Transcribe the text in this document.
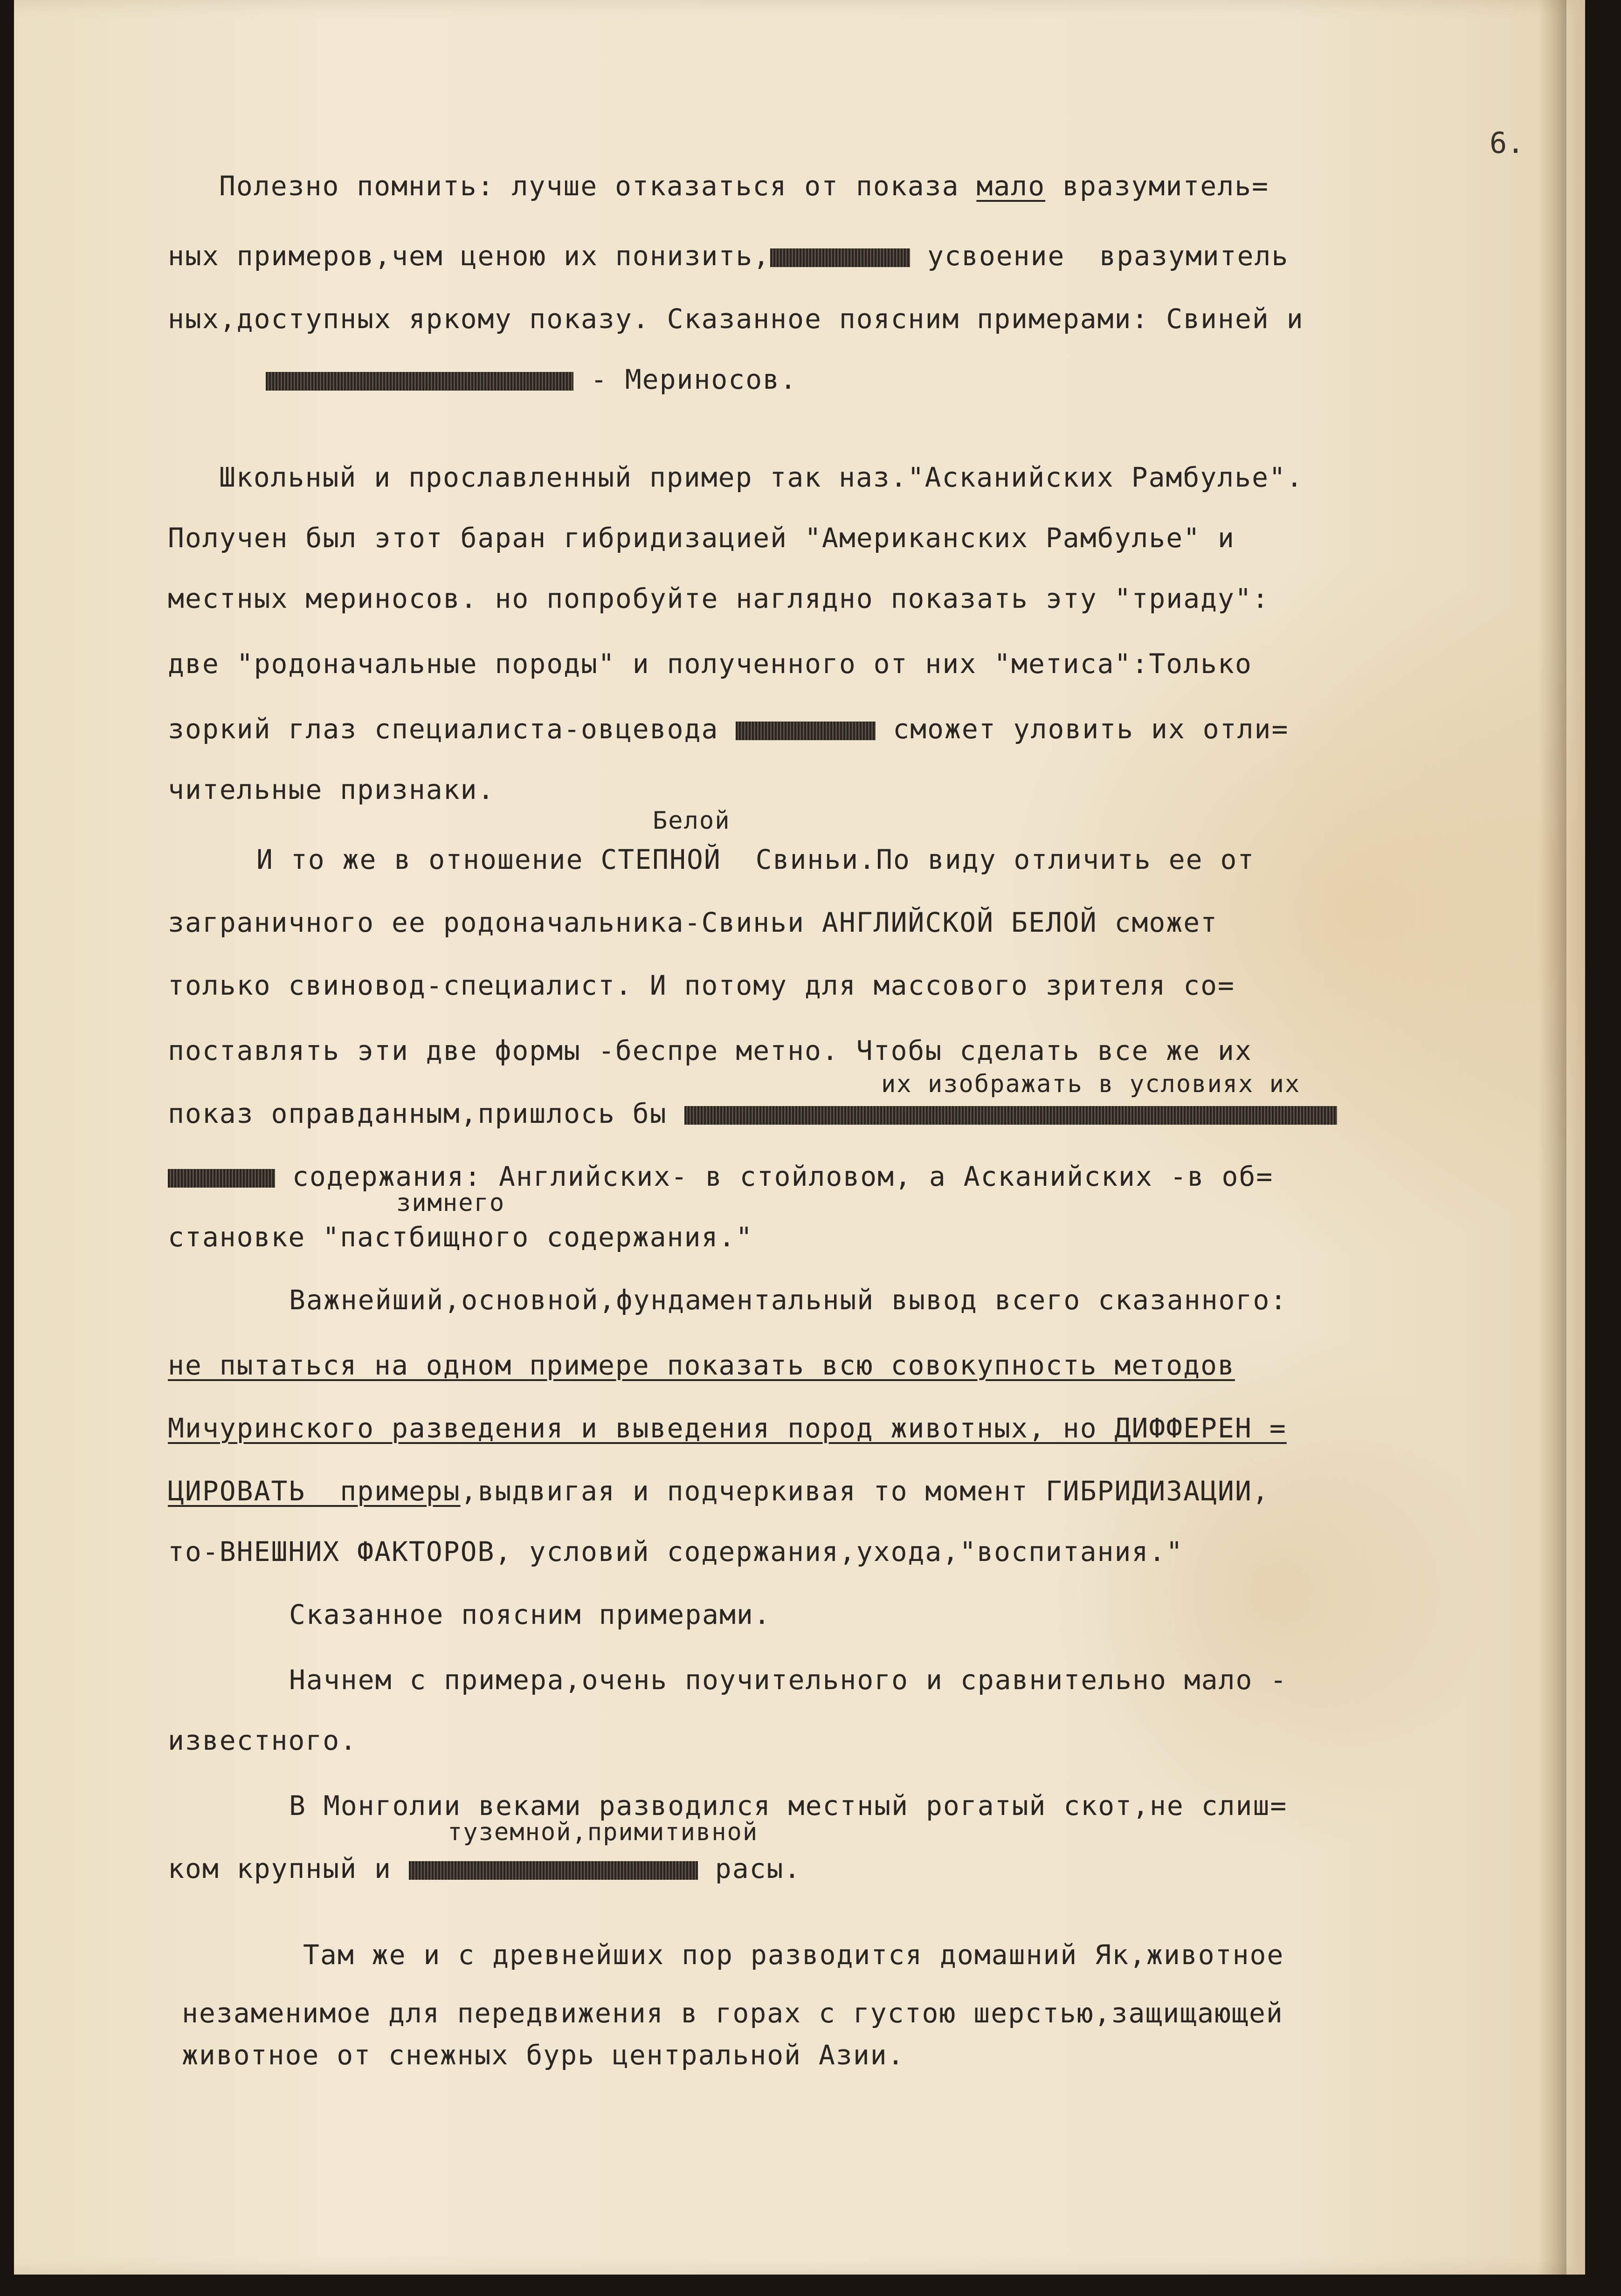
6.
Полезно помнить: лучше отказаться от показа мало вразумитель=
ных примеров,чем ценою их понизить,	усвоение  вразумитель
ных,доступных яркому показу. Сказанное поясним примерами: Свиней и
- Мериносов.
Школьный и прославленный пример так наз."Асканийских Рамбулье".
Получен был этот баран гибридизацией "Американских Рамбулье" и
местных мериносов. но попробуйте наглядно показать эту "триаду":
две "родоначальные породы" и полученного от них "метиса":Только
зоркий глаз специалиста-овцевода	сможет уловить их отли=
чительные признаки.
Белой
И то же в отношение СТЕПНОЙ  Свиньи.По виду отличить ее от
заграничного ее родоначальника-Свиньи АНГЛИЙСКОЙ БЕЛОЙ сможет
только свиновод-специалист. И потому для массового зрителя со=
поставлять эти две формы -беспре метно. Чтобы сделать все же их
их изображать в условиях их
показ оправданным,пришлось бы
содержания: Английских- в стойловом, а Асканийских -в об=
зимнего
становке "пастбищного содержания."
Важнейший,основной,фундаментальный вывод всего сказанного:
не пытаться на одном примере показать всю совокупность методов
Мичуринского разведения и выведения пород животных, но ДИФФЕРЕН =
ЦИРОВАТЬ  примеры,выдвигая и подчеркивая то момент ГИБРИДИЗАЦИИ,
то-ВНЕШНИХ ФАКТОРОВ, условий содержания,ухода,"воспитания."
Сказанное поясним примерами.
Начнем с примера,очень поучительного и сравнительно мало -
известного.
В Монголии веками разводился местный рогатый скот,не слиш=
туземной,примитивной
ком крупный и	расы.
Там же и с древнейших пор разводится домашний Як,животное
незаменимое для передвижения в горах с густою шерстью,защищающей
животное от снежных бурь центральной Азии.
